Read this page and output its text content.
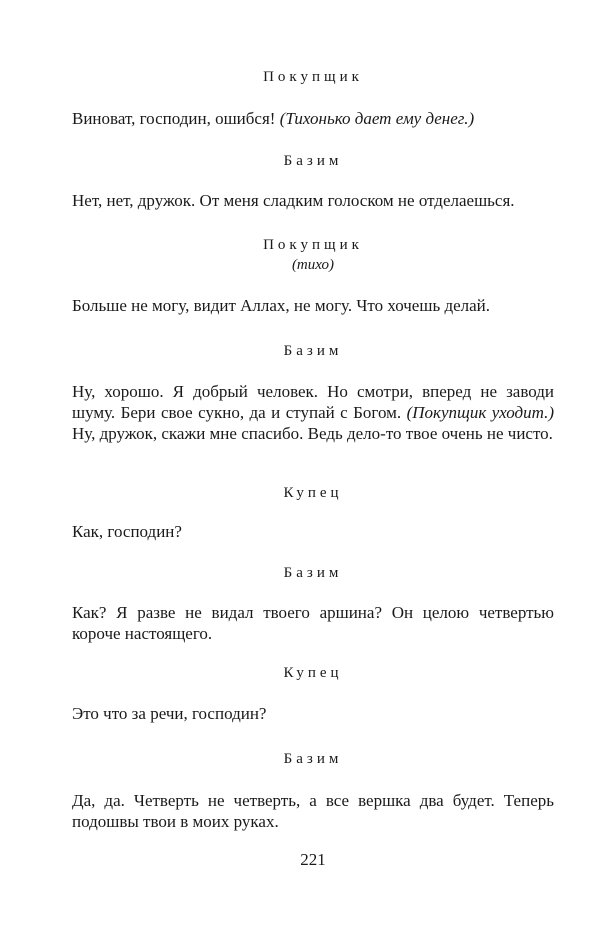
Покупщик
Виноват, господин, ошибся! (Тихонько дает ему денег.)
Базим
Нет, нет, дружок. От меня сладким голоском не отделаешься.
Покупщик
(тихо)
Больше не могу, видит Аллах, не могу. Что хочешь делай.
Базим
Ну, хорошо. Я добрый человек. Но смотри, вперед не заводи шуму. Бери свое сукно, да и ступай с Богом. (Покупщик уходит.) Ну, дружок, скажи мне спасибо. Ведь дело-то твое очень не чисто.
Купец
Как, господин?
Базим
Как? Я разве не видал твоего аршина? Он целою четвертью короче настоящего.
Купец
Это что за речи, господин?
Базим
Да, да. Четверть не четверть, а все вершка два будет. Теперь подошвы твои в моих руках.
221
